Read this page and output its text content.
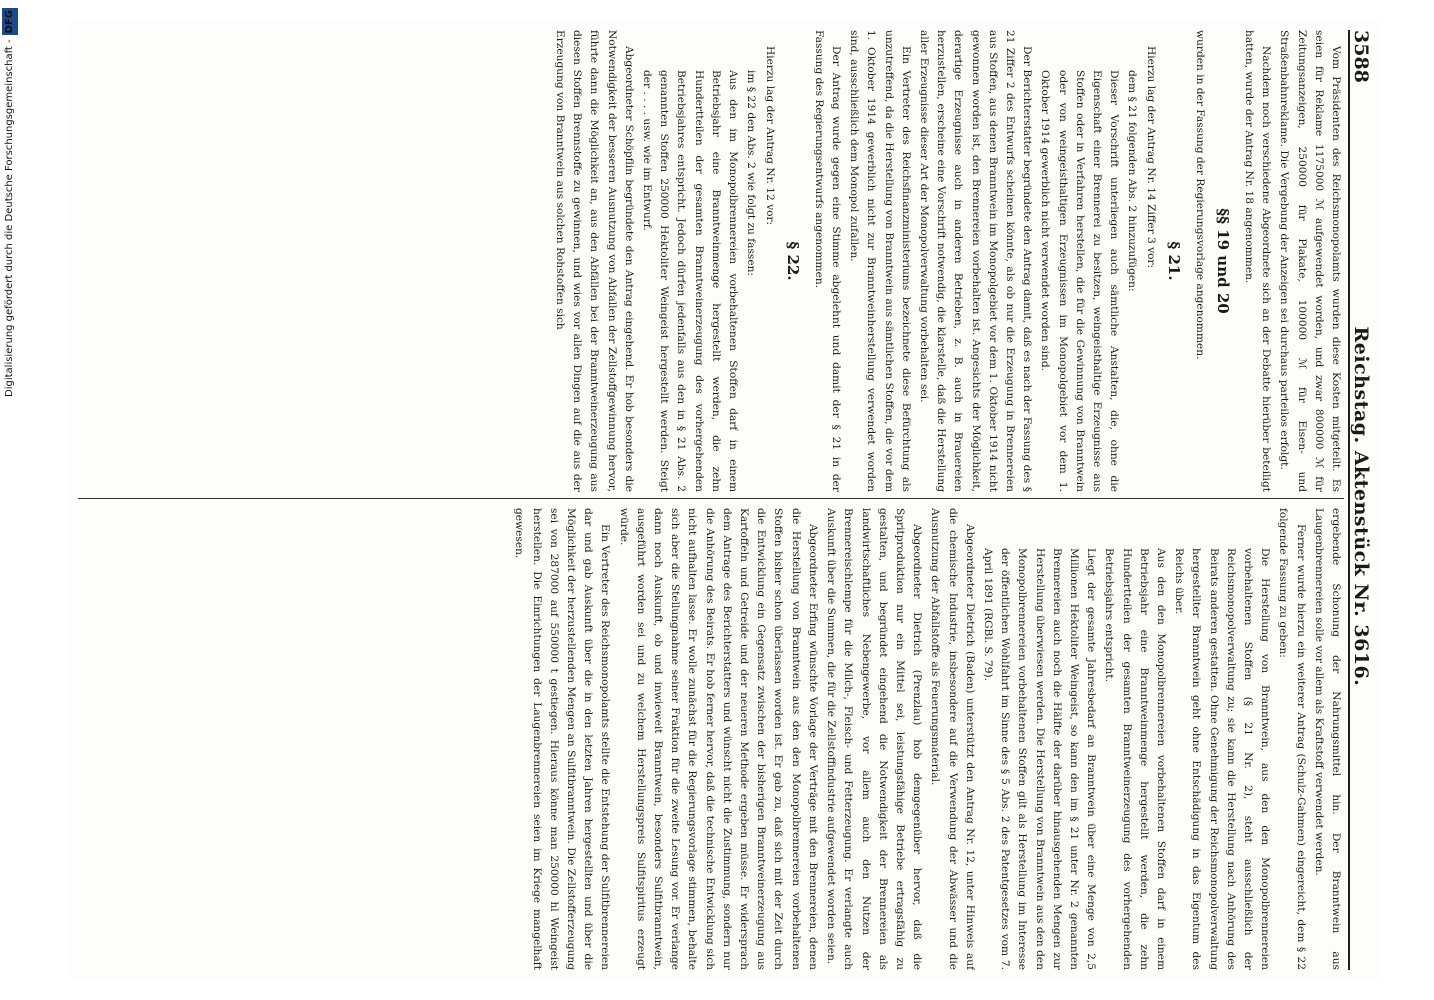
Digitalisierung gefördert durch die Deutsche Forschungsgemeinschaft -DFG
3588
Reichstag. Aktenstück Nr. 3616.

Vom Präsidenten des Reichsmonopolamts wurden diese Kosten mitgeteilt. Es seien für Reklame 1175000 ℳ aufgewendet worden, und zwar 800000 ℳ für Zeitungsanzeigen, 250000 für Plakate, 100000 ℳ für Eisen- und Straßenbahnreklame. Die Vergebung der Anzeigen sei durchaus parteilos erfolgt.

Nachdem noch verschiedene Abgeordnete sich an der Debatte hierüber beteiligt hatten, wurde der Antrag Nr. 18 angenommen.

§§ 19 und 20

wurden in der Fassung der Regierungsvorlage angenommen.

§ 21.

Hierzu lag der Antrag Nr. 14 Ziffer 3 vor:

dem § 21 folgenden Abs. 2 hinzuzufügen:

Dieser Vorschrift unterliegen auch sämtliche Anstalten, die, ohne die Eigenschaft einer Brennerei zu besitzen, weingeisthaltige Erzeugnisse aus Stoffen oder in Verfahren herstellen, die für die Gewinnung von Branntwein oder von weingeisthaltigen Erzeugnissen im Monopolgebiet vor dem 1. Oktober 1914 gewerblich nicht verwendet worden sind.

Der Berichterstatter begründete den Antrag damit, daß es nach der Fassung des § 21 Ziffer 2 des Entwurfs scheinen könnte, als ob nur die Erzeugung in Brennereien aus Stoffen, aus denen Branntwein im Monopolgebiet vor dem 1. Oktober 1914 nicht gewonnen worden ist, den Brennereien vorbehalten ist. Angesichts der Möglichkeit, derartige Erzeugnisse auch in anderen Betrieben, z. B. auch in Brauereien herzustellen, erscheine eine Vorschrift notwendig, die klarstelle, daß die Herstellung aller Erzeugnisse dieser Art der Monopolverwaltung vorbehalten sei.

Ein Vertreter des Reichsfinanzministeriums bezeichnete diese Befürchtung als unzutreffend, da die Herstellung von Branntwein aus sämtlichen Stoffen, die vor dem 1. Oktober 1914 gewerblich nicht zur Branntweinherstellung verwendet worden sind, ausschließlich dem Monopol zufallen.

Der Antrag wurde gegen eine Stimme abgelehnt und damit der § 21 in der Fassung des Regierungsentwurfs angenommen.

§ 22.

Hierzu lag der Antrag Nr. 12 vor:

im § 22 den Abs. 2 wie folgt zu fassen:

Aus den im Monopolbrennereien vorbehaltenen Stoffen darf in einem Betriebsjahr eine Branntweinmenge hergestellt werden, die zehn Hundertteilen der gesamten Branntweinerzeugung des vorhergehenden Betriebsjahres entspricht. Jedoch dürfen jedenfalls aus den in § 21 Abs. 2 genannten Stoffen 250000 Hektoliter Weingeist hergestellt werden. Steigt der . . . . usw. wie im Entwurf.

Abgeordneter Schöpflin begründete den Antrag eingehend. Er hob besonders die Notwendigkeit der besseren Ausnutzung von Abfallen der Zellstoffgewinnung hervor, führte dann die Möglichkeit an, aus den Abfällen bei der Branntweinerzeugung aus diesen Stoffen Brennstoffe zu gewinnen, und wies vor allen Dingen auf die aus der Erzeugung von Branntwein aus solchen Rohstoffen sich

ergebende Schonung der Nahrungsmittel hin. Der Branntwein aus Laugenbrennereien solle vor allem als Kraftstoff verwendet werden.

Ferner wurde hierzu ein weiterer Antrag (Schulz-Gahmen) eingereicht, dem § 22 folgende Fassung zu geben:

Die Herstellung von Branntwein, aus den den Monopolbrennereien vorbehaltenen Stoffen (§ 21 Nr. 2), steht ausschließlich der Reichsmonopolverwaltung zu; sie kann die Herstellung nach Anhörung des Beirats anderen gestatten. Ohne Genehmigung der Reichsmonopolverwaltung hergestellter Branntwein geht ohne Entschädigung in das Eigentum des Reichs über.

Aus den den Monopolbrennereien vorbehaltenen Stoffen darf in einem Betriebsjahr eine Branntweinmenge hergestellt werden, die zehn Hundertteilen der gesamten Branntweinerzeugung des vorhergehenden Betriebsjahrs entspricht.

Liegt der gesamte Jahresbedarf an Branntwein über eine Menge von 2,5 Millionen Hektoliter Weingeist, so kann den im § 21 unter Nr. 2 genannten Brennereien auch noch die Hälfte der darüber hinausgehenden Mengen zur Herstellung überwiesen werden. Die Herstellung von Branntwein aus den den Monopolbrennereien vorbehaltenen Stoffen gilt als Herstellung im Interesse der öffentlichen Wohlfahrt im Sinne des § 5 Abs. 2 des Patentgesetzes vom 7. April 1891 (RGBl. S. 79).

Abgeordneter Dietrich (Baden) unterstützt den Antrag Nr. 12, unter Hinweis auf die chemische Industrie, insbesondere auf die Verwendung der Abwässer und die Ausnutzung der Abfallstoffe als Feuerungsmaterial.

Abgeordneter Dietrich (Prenzlau) hob demgegenüber hervor, daß die Spritproduktion nur ein Mittel sei, leistungsfähige Betriebe ertragsfähig zu gestalten, und begründet eingehend die Notwendigkeit der Brennereien als landwirtschaftliches Nebengewerbe, vor allem auch den Nutzen der Brennereischlempe für die Milch-, Fleisch- und Fetterzeugung. Er verlangte auch Auskunft über die Summen, die für die Zellstoffindustrie aufgewendet worden seien.

Abgeordneter Erfing wünschte Vorlage der Verträge mit den Brennereien, denen die Herstellung von Branntwein aus den den Monopolbrennereien vorbehaltenen Stoffen bisher schon überlassen worden ist. Er gab zu, daß sich mit der Zeit durch die Entwicklung ein Gegensatz zwischen der bisherigen Branntweinerzeugung aus Kartoffeln und Getreide und der neueren Methode ergeben müsse. Er widersprach dem Antrage des Berichterstatters und wünscht nicht die Zustimmung, sondern nur die Anhörung des Beirats. Er hob ferner hervor, daß die technische Entwicklung sich nicht aufhalten lasse. Er wolle zunächst für die Regierungsvorlage stimmen, behalte sich aber die Stellungnahme seiner Fraktion für die zweite Lesung vor. Er verlange dann noch Auskunft, ob und inwieweit Branntwein, besonders Sulfitbranntwein, ausgeführt worden sei und zu welchem Herstellungspreis Sulfitspiritus erzeugt würde.

Ein Vertreter des Reichsmonopolamts stellte die Entstehung der Sulfitbrennereien dar und gab Auskunft über die in den letzten Jahren hergestellten und über die Möglichkeit der herzustellenden Mengen an Sulfitbranntwein. Die Zellstofferzeugung sei von 287000 auf 550000 t gestiegen. Hieraus könne man 250000 hl Weingeist herstellen. Die Einrichtungen der Laugenbrennereien seien im Kriege mangelhaft gewesen.
